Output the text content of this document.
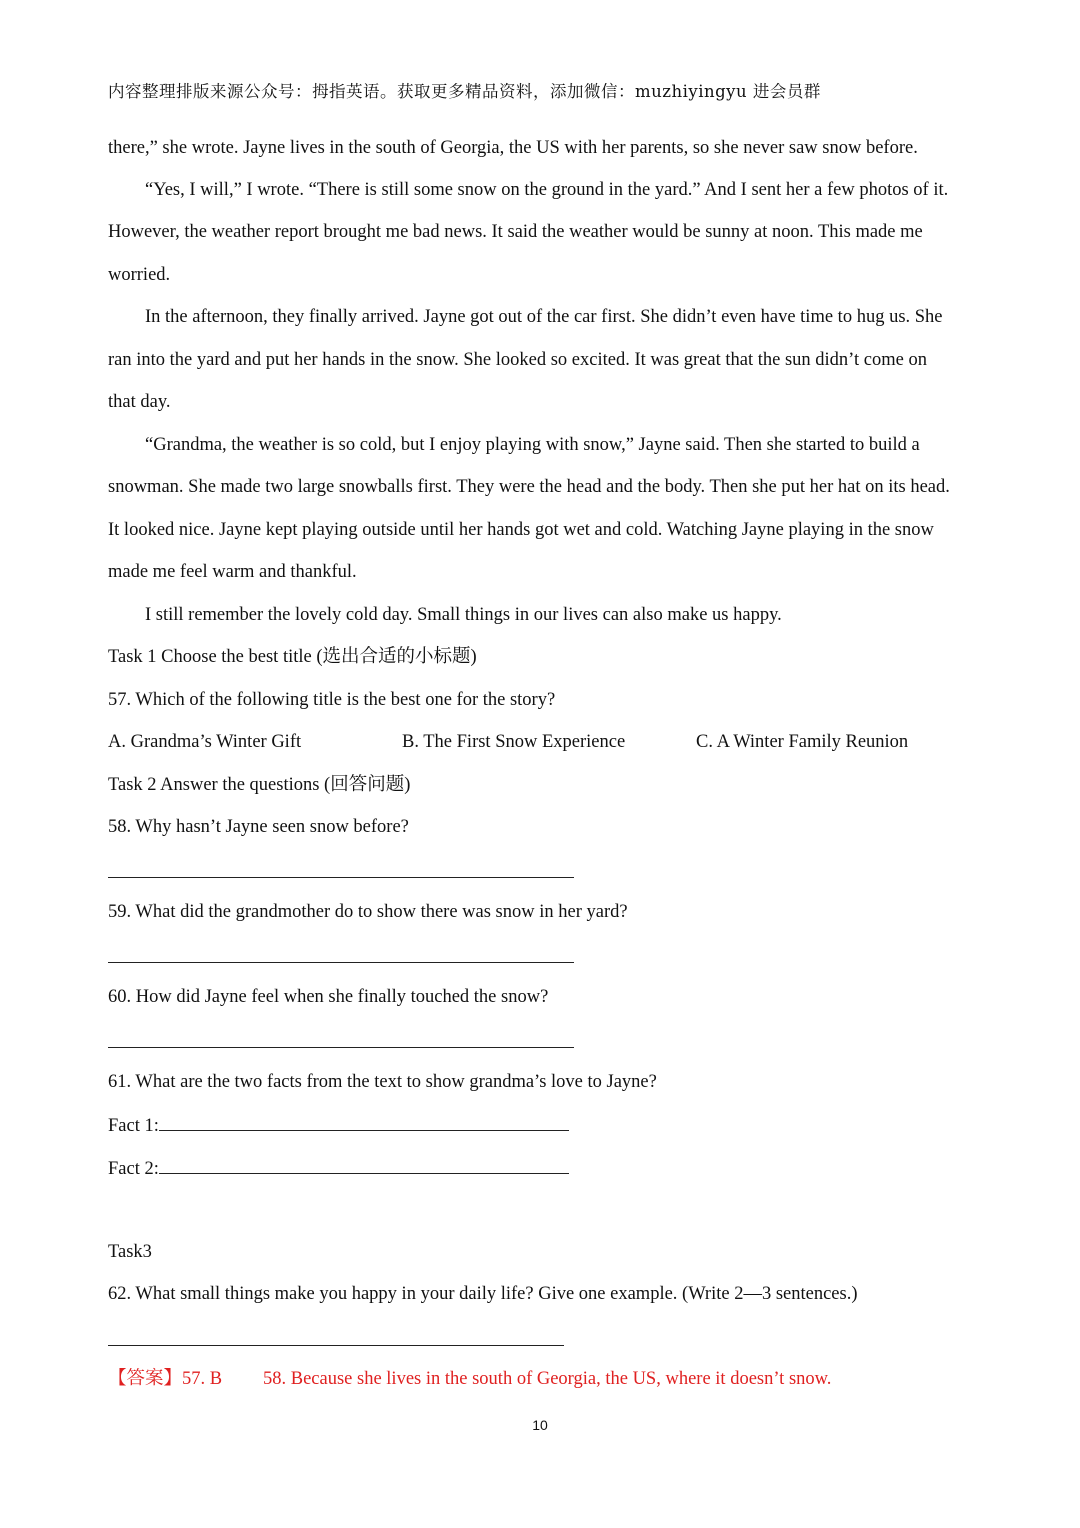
内容整理排版来源公众号：拇指英语。获取更多精品资料，添加微信：muzhiyingyu 进会员群
there,” she wrote. Jayne lives in the south of Georgia, the US with her parents, so she never saw snow before.
“Yes, I will,” I wrote. “There is still some snow on the ground in the yard.” And I sent her a few photos of it.
However, the weather report brought me bad news. It said the weather would be sunny at noon. This made me
worried.
In the afternoon, they finally arrived. Jayne got out of the car first. She didn’t even have time to hug us. She
ran into the yard and put her hands in the snow. She looked so excited. It was great that the sun didn’t come on
that day.
“Grandma, the weather is so cold, but I enjoy playing with snow,” Jayne said. Then she started to build a
snowman. She made two large snowballs first. They were the head and the body. Then she put her hat on its head.
It looked nice. Jayne kept playing outside until her hands got wet and cold. Watching Jayne playing in the snow
made me feel warm and thankful.
I still remember the lovely cold day. Small things in our lives can also make us happy.
Task 1 Choose the best title (选出合适的小标题)
57. Which of the following title is the best one for the story?
A. Grandma’s Winter Gift	B. The First Snow Experience	C. A Winter Family Reunion
Task 2 Answer the questions (回答问题)
58. Why hasn’t Jayne seen snow before?
59. What did the grandmother do to show there was snow in her yard?
60. How did Jayne feel when she finally touched the snow?
61. What are the two facts from the text to show grandma’s love to Jayne?
Fact 1:
Fact 2:
Task3
62. What small things make you happy in your daily life? Give one example. (Write 2—3 sentences.)
【答案】57. B 58. Because she lives in the south of Georgia, the US, where it doesn’t snow.
10
